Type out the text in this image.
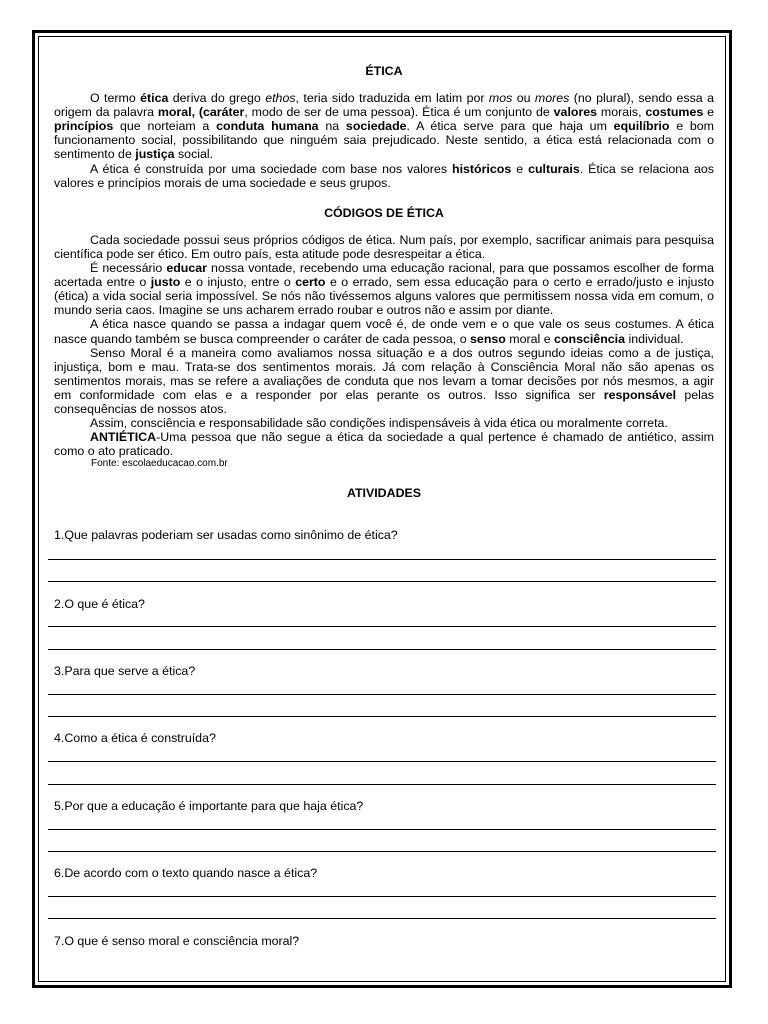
ÉTICA

O termo ética deriva do grego ethos, teria sido traduzida em latim por mos ou mores (no plural), sendo essa a origem da palavra moral, (caráter, modo de ser de uma pessoa). Ética é um conjunto de valores morais, costumes e princípios que norteiam a conduta humana na sociedade. A ética serve para que haja um equilíbrio e bom funcionamento social, possibilitando que ninguém saia prejudicado. Neste sentido, a ética está relacionada com o sentimento de justiça social.

A ética é construída por uma sociedade com base nos valores históricos e culturais. Ética se relaciona aos valores e princípios morais de uma sociedade e seus grupos.

CÓDIGOS DE ÉTICA

Cada sociedade possui seus próprios códigos de ética. Num país, por exemplo, sacrificar animais para pesquisa científica pode ser ético. Em outro país, esta atitude pode desrespeitar a ética.

É necessário educar nossa vontade, recebendo uma educação racional, para que possamos escolher de forma acertada entre o justo e o injusto, entre o certo e o errado, sem essa educação para o certo e errado/justo e injusto (ética) a vida social seria impossível. Se nós não tivéssemos alguns valores que permitissem nossa vida em comum, o mundo seria caos. Imagine se uns acharem errado roubar e outros não e assim por diante.

A ética nasce quando se passa a indagar quem você é, de onde vem e o que vale os seus costumes. A ética nasce quando também se busca compreender o caráter de cada pessoa, o senso moral e consciência individual.

Senso Moral é a maneira como avaliamos nossa situação e a dos outros segundo ideias como a de justiça, injustiça, bom e mau. Trata-se dos sentimentos morais. Já com relação à Consciência Moral não são apenas os sentimentos morais, mas se refere a avaliações de conduta que nos levam a tomar decisões por nós mesmos, a agir em conformidade com elas e a responder por elas perante os outros. Isso significa ser responsável pelas consequências de nossos atos.

Assim, consciência e responsabilidade são condições indispensáveis à vida ética ou moralmente correta.

ANTIÉTICA-Uma pessoa que não segue a ética da sociedade a qual pertence é chamado de antiético, assim como o ato praticado.

Fonte: escolaeducacao.com.br
ATIVIDADES
1.Que palavras poderiam ser usadas como sinônimo de ética?
2.O que é ética?
3.Para que serve a ética?
4.Como a ética é construída?
5.Por que a educação é importante para que haja ética?
6.De acordo com o texto quando nasce a ética?
7.O que é senso moral e consciência moral?
